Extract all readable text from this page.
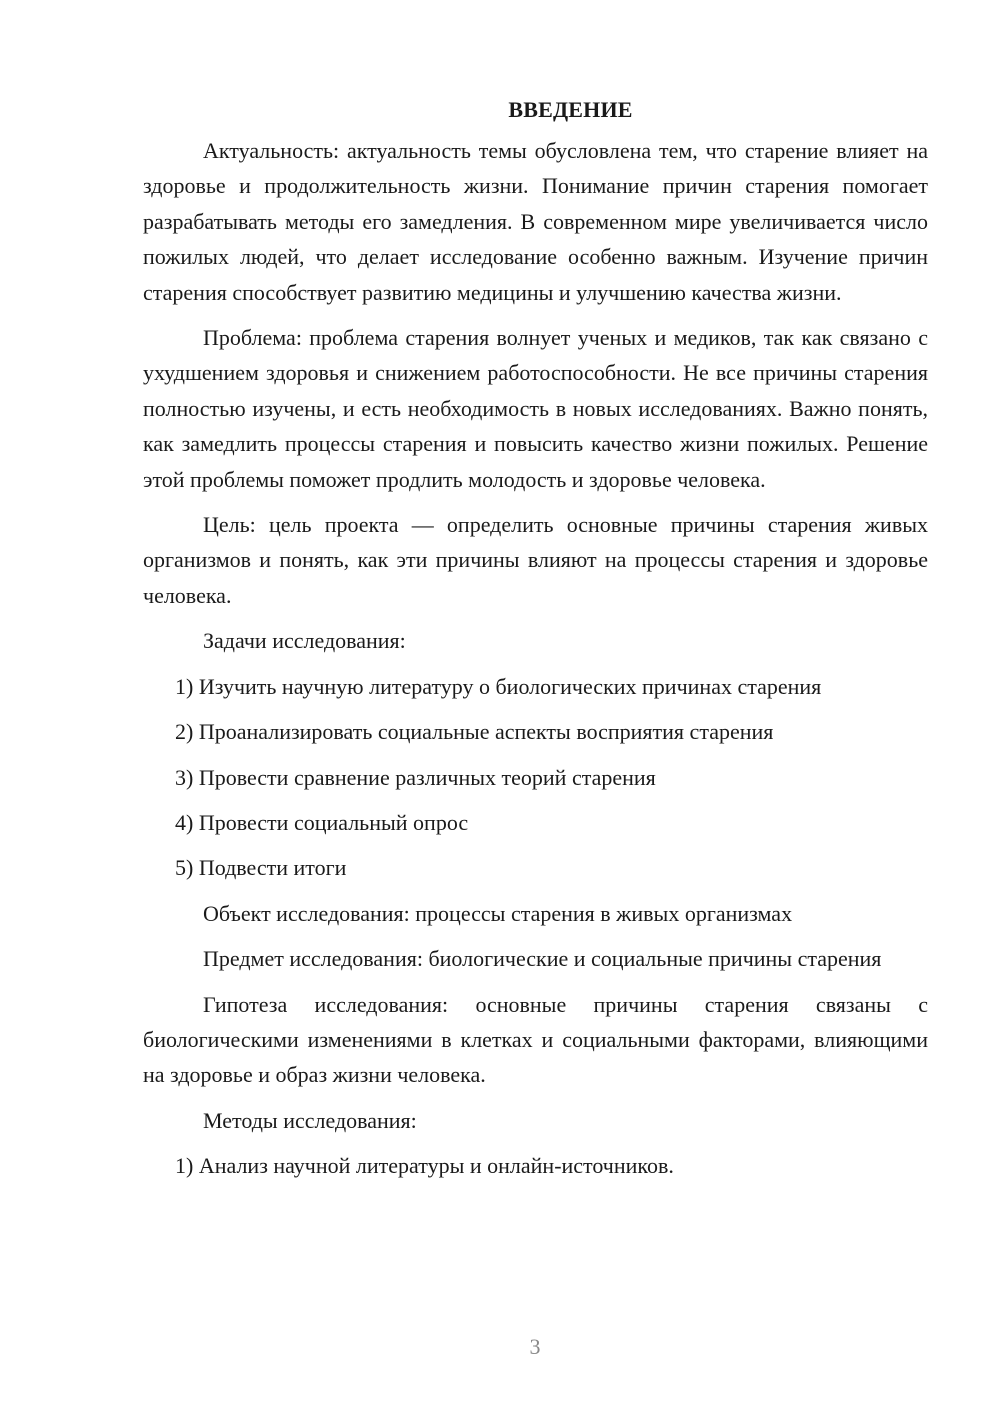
ВВЕДЕНИЕ

Актуальность: актуальность темы обусловлена тем, что старение влияет на здоровье и продолжительность жизни. Понимание причин старения помогает разрабатывать методы его замедления. В современном мире увеличивается число пожилых людей, что делает исследование особенно важным. Изучение причин старения способствует развитию медицины и улучшению качества жизни.

Проблема: проблема старения волнует ученых и медиков, так как связано с ухудшением здоровья и снижением работоспособности. Не все причины старения полностью изучены, и есть необходимость в новых исследованиях. Важно понять, как замедлить процессы старения и повысить качество жизни пожилых. Решение этой проблемы поможет продлить молодость и здоровье человека.

Цель: цель проекта — определить основные причины старения живых организмов и понять, как эти причины влияют на процессы старения и здоровье человека.

Задачи исследования:
1) Изучить научную литературу о биологических причинах старения
2) Проанализировать социальные аспекты восприятия старения
3) Провести сравнение различных теорий старения
4) Провести социальный опрос
5) Подвести итоги

Объект исследования: процессы старения в живых организмах

Предмет исследования: биологические и социальные причины старения

Гипотеза исследования: основные причины старения связаны с биологическими изменениями в клетках и социальными факторами, влияющими на здоровье и образ жизни человека.

Методы исследования:
1) Анализ научной литературы и онлайн-источников.
3
